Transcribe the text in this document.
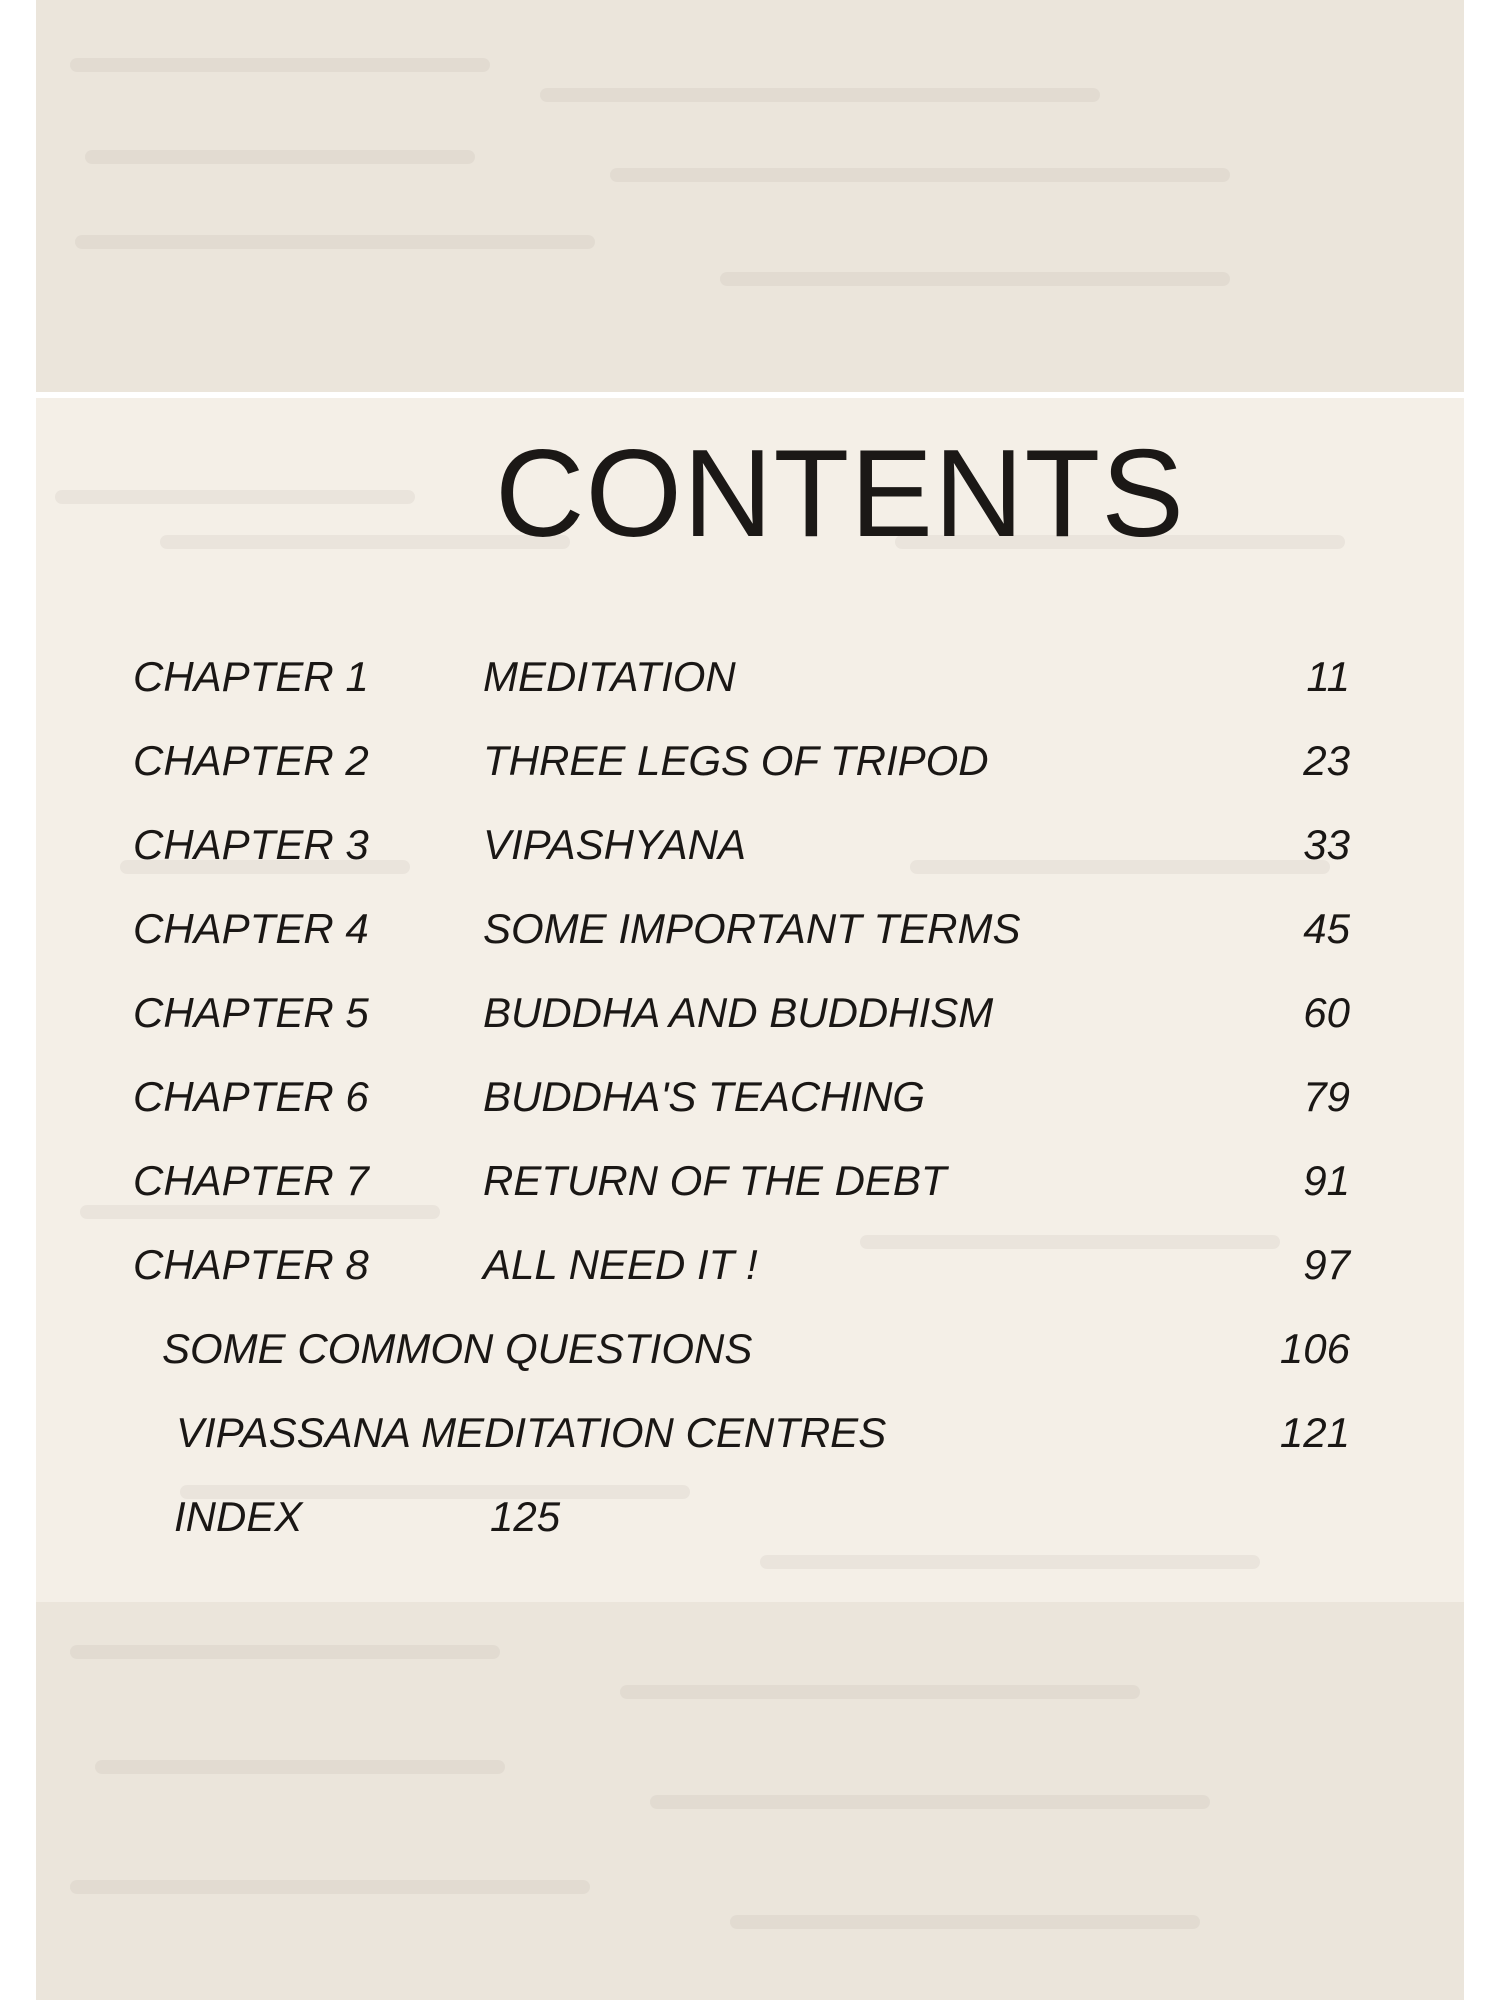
CONTENTS
CHAPTER 1	MEDITATION	11
CHAPTER 2	THREE LEGS OF TRIPOD	23
CHAPTER 3	VIPASHYANA	33
CHAPTER 4	SOME IMPORTANT TERMS	45
CHAPTER 5	BUDDHA AND BUDDHISM	60
CHAPTER 6	BUDDHA'S TEACHING	79
CHAPTER 7	RETURN OF THE DEBT	91
CHAPTER 8	ALL NEED IT !	97
SOME COMMON QUESTIONS	106
VIPASSANA MEDITATION CENTRES	121
INDEX	125
